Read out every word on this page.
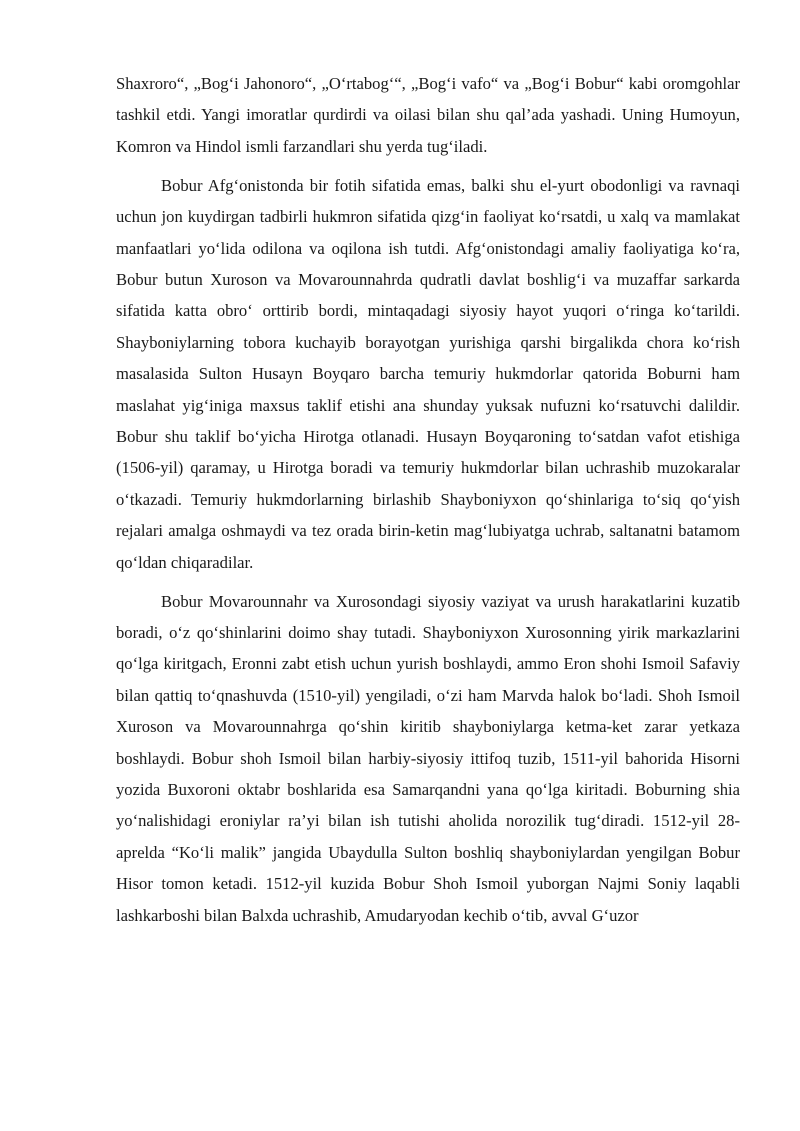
Shaxroro“, „Bog‘i Jahonoro“, „O‘rtabog‘“, „Bog‘i vafo“ va „Bog‘i Bobur“ kabi oromgohlar tashkil etdi. Yangi imoratlar qurdirdi va oilasi bilan shu qal’ada yashadi. Uning Humoyun, Komron va Hindol ismli farzandlari shu yerda tug‘iladi.

Bobur Afg‘onistonda bir fotih sifatida emas, balki shu el-yurt obodonligi va ravnaqi uchun jon kuydirgan tadbirli hukmron sifatida qizg‘in faoliyat ko‘rsatdi, u xalq va mamlakat manfaatlari yo‘lida odilona va oqilona ish tutdi. Afg‘onistondagi amaliy faoliyatiga ko‘ra, Bobur butun Xuroson va Movarounnahrda qudratli davlat boshlig‘i va muzaffar sarkarda sifatida katta obro‘ orttirib bordi, mintaqadagi siyosiy hayot yuqori o‘ringa ko‘tarildi. Shayboniylarning tobora kuchayib borayotgan yurishiga qarshi birgalikda chora ko‘rish masalasida Sulton Husayn Boyqaro barcha temuriy hukmdorlar qatorida Boburni ham maslahat yig‘iniga maxsus taklif etishi ana shunday yuksak nufuzni ko‘rsatuvchi dalildir. Bobur shu taklif bo‘yicha Hirotga otlanadi. Husayn Boyqaroning to‘satdan vafot etishiga (1506-yil) qaramay, u Hirotga boradi va temuriy hukmdorlar bilan uchrashib muzokaralar o‘tkazadi. Temuriy hukmdorlarning birlashib Shayboniyxon qo‘shinlariga to‘siq qo‘yish rejalari amalga oshmaydi va tez orada birin-ketin mag‘lubiyatga uchrab, saltanatni batamom qo‘ldan chiqaradilar.

Bobur Movarounnahr va Xurosondagi siyosiy vaziyat va urush harakatlarini kuzatib boradi, o‘z qo‘shinlarini doimo shay tutadi. Shayboniyxon Xurosonning yirik markazlarini qo‘lga kiritgach, Eronni zabt etish uchun yurish boshlaydi, ammo Eron shohi Ismoil Safaviy bilan qattiq to‘qnashuvda (1510-yil) yengiladi, o‘zi ham Marvda halok bo‘ladi. Shoh Ismoil Xuroson va Movarounnahrga qo‘shin kiritib shayboniylarga ketma-ket zarar yetkaza boshlaydi. Bobur shoh Ismoil bilan harbiy-siyosiy ittifoq tuzib, 1511-yil bahorida Hisorni yozida Buxoroni oktabr boshlarida esa Samarqandni yana qo‘lga kiritadi. Boburning shia yo‘nalishidagi eroniylar ra’yi bilan ish tutishi aholida norozilik tug‘diradi. 1512-yil 28-aprelda “Ko‘li malik” jangida Ubaydulla Sulton boshliq shayboniylardan yengilgan Bobur Hisor tomon ketadi. 1512-yil kuzida Bobur Shoh Ismoil yuborgan Najmi Soniy laqabli lashkarboshi bilan Balxda uchrashib, Amudaryodan kechib o‘tib, avval G‘uzor
